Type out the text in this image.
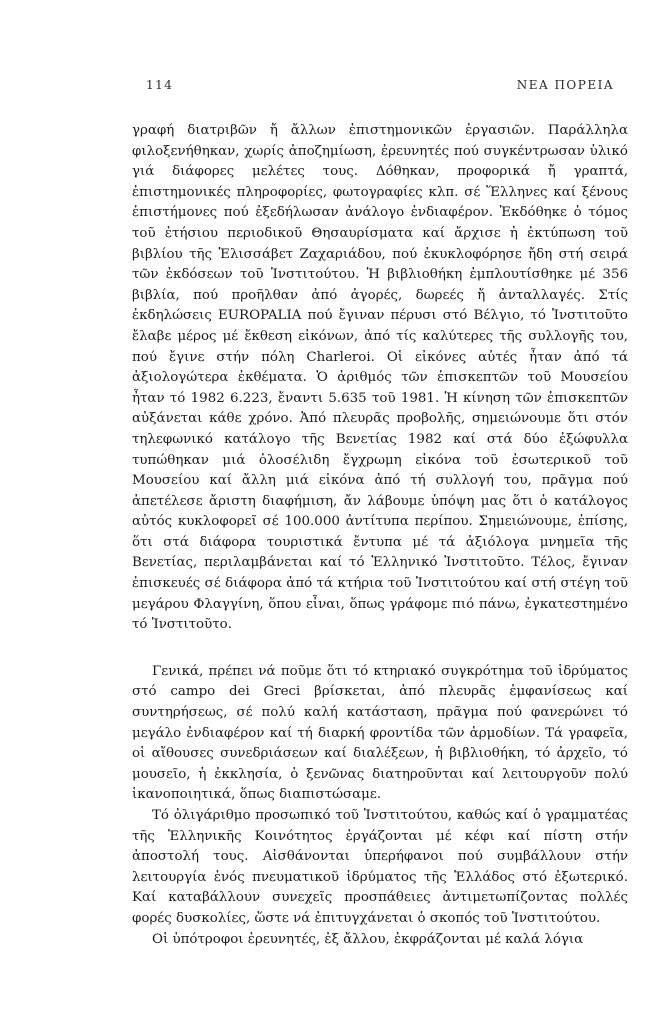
114	ΝΕΑ ΠΟΡΕΙΑ

γραφή διατριβῶν ἤ ἄλλων ἐπιστημονικῶν ἐργασιῶν. Παράλληλα φιλοξενήθηκαν, χωρίς ἀποζημίωση, ἐρευνητές πού συγκέντρωσαν ὑλικό γιά διάφορες μελέτες τους. Δόθηκαν, προφορικά ἤ γραπτά, ἐπιστημονικές πληροφορίες, φωτογραφίες κλπ. σέ Ἕλληνες καί ξένους ἐπιστήμονες πού ἐξεδήλωσαν ἀνάλογο ἐνδιαφέρον. Ἐκδόθηκε ὁ τόμος τοῦ ἐτήσιου περιοδικοῦ Θησαυρίσματα καί ἄρχισε ἡ ἐκτύπωση τοῦ βιβλίου τῆς Ἐλισσάβετ Ζαχαριάδου, πού ἐκυκλοφόρησε ἤδη στή σειρά τῶν ἐκδόσεων τοῦ Ἰνστιτούτου. Ἡ βιβλιοθήκη ἐμπλουτίσθηκε μέ 356 βιβλία, πού προῆλθαν ἀπό ἀγορές, δωρεές ἤ ἀνταλλαγές. Στίς ἐκδηλώσεις EUROPALIA πού ἔγιναν πέρυσι στό Βέλγιο, τό Ἰνστιτοῦτο ἔλαβε μέρος μέ ἔκθεση εἰκόνων, ἀπό τίς καλύτερες τῆς συλλογῆς του, πού ἔγινε στήν πόλη Charleroi. Οἱ εἰκόνες αὐτές ἦταν ἀπό τά ἀξιολογώτερα ἐκθέματα. Ὁ ἀριθμός τῶν ἐπισκεπτῶν τοῦ Μουσείου ἦταν τό 1982 6.223, ἔναντι 5.635 τοῦ 1981. Ἡ κίνηση τῶν ἐπισκεπτῶν αὐξάνεται κάθε χρόνο. Ἀπό πλευρᾶς προβολῆς, σημειώνουμε ὅτι στόν τηλεφωνικό κατάλογο τῆς Βενετίας 1982 καί στά δύο ἐξώφυλλα τυπώθηκαν μιά ὁλοσέλιδη ἔγχρωμη εἰκόνα τοῦ ἐσωτερικοῦ τοῦ Μουσείου καί ἄλλη μιά εἰκόνα ἀπό τή συλλογή του, πρᾶγμα πού ἀπετέλεσε ἄριστη διαφήμιση, ἄν λάβουμε ὑπόψη μας ὅτι ὁ κατάλογος αὐτός κυκλοφορεῖ σέ 100.000 ἀντίτυπα περίπου. Σημειώνουμε, ἐπίσης, ὅτι στά διάφορα τουριστικά ἔντυπα μέ τά ἀξιόλογα μνημεῖα τῆς Βενετίας, περιλαμβάνεται καί τό Ἑλληνικό Ἰνστιτοῦτο. Τέλος, ἔγιναν ἐπισκευές σέ διάφορα ἀπό τά κτήρια τοῦ Ἰνστιτούτου καί στή στέγη τοῦ μεγάρου Φλαγγίνη, ὅπου εἶναι, ὅπως γράφομε πιό πάνω, ἐγκατεστημένο τό Ἰνστιτοῦτο.

Γενικά, πρέπει νά ποῦμε ὅτι τό κτηριακό συγκρότημα τοῦ ἱδρύματος στό campo dei Greci βρίσκεται, ἀπό πλευρᾶς ἐμφανίσεως καί συντηρήσεως, σέ πολύ καλή κατάσταση, πρᾶγμα πού φανερώνει τό μεγάλο ἐνδιαφέρον καί τή διαρκή φροντίδα τῶν ἁρμοδίων. Τά γραφεῖα, οἱ αἴθουσες συνεδριάσεων καί διαλέξεων, ἡ βιβλιοθήκη, τό ἀρχεῖο, τό μουσεῖο, ἡ ἐκκλησία, ὁ ξενῶνας διατηροῦνται καί λειτουργοῦν πολύ ἱκανοποιητικά, ὅπως διαπιστώσαμε.

Τό ὀλιγάριθμο προσωπικό τοῦ Ἰνστιτούτου, καθώς καί ὁ γραμματέας τῆς Ἑλληνικῆς Κοινότητος ἐργάζονται μέ κέφι καί πίστη στήν ἀποστολή τους. Αἰσθάνονται ὑπερήφανοι πού συμβάλλουν στήν λειτουργία ἑνός πνευματικοῦ ἱδρύματος τῆς Ἑλλάδος στό ἐξωτερικό. Καί καταβάλλουν συνεχεῖς προσπάθειες ἀντιμετωπίζοντας πολλές φορές δυσκολίες, ὥστε νά ἐπιτυγχάνεται ὁ σκοπός τοῦ Ἰνστιτούτου.

Οἱ ὑπότροφοι ἐρευνητές, ἐξ ἄλλου, ἐκφράζονται μέ καλά λόγια
